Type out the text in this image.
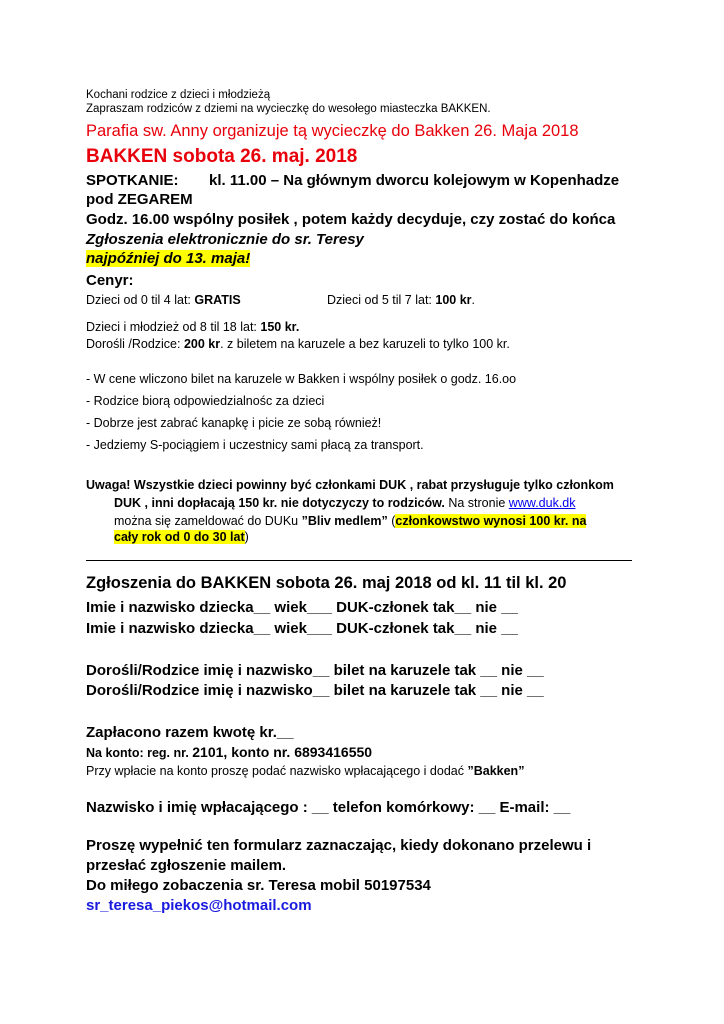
Kochani rodzice z dzieci i młodzieżą
Zapraszam rodziców z dziemi na wycieczkę do wesołego miasteczka BAKKEN.
Parafia sw. Anny organizuje tą wycieczkę do Bakken 26. Maja 2018
BAKKEN sobota 26. maj. 2018
SPOTKANIE: kl. 11.00 – Na głównym dworcu kolejowym w Kopenhadze
pod ZEGAREM
Godz. 16.00 wspólny posiłek , potem każdy decyduje, czy zostać do końca
Zgłoszenia elektronicznie do sr. Teresy
najpóźniej do 13. maja!
Cenyr:
Dzieci od 0 til 4 lat: GRATIS	Dzieci od 5 til 7 lat: 100 kr.
Dzieci i młodzież od 8 til 18 lat: 150 kr.
Dorośli /Rodzice: 200 kr. z biletem na karuzele a bez karuzeli to tylko 100 kr.
- W cene wliczono bilet na karuzele w Bakken i wspólny posiłek o godz. 16.oo
- Rodzice biorą odpowiedzialnośc za dzieci
- Dobrze jest zabrać kanapkę i picie ze sobą również!
- Jedziemy S-pociągiem i uczestnicy sami płacą za transport.
Uwaga! Wszystkie dzieci powinny być członkami DUK , rabat przysługuje tylko członkom
DUK , inni dopłacają 150 kr. nie dotyczyczy to rodziców. Na stronie www.duk.dk
można się zameldować do DUKu ”Bliv medlem” (członkowstwo wynosi 100 kr. na
cały rok od 0 do 30 lat)
Zgłoszenia do BAKKEN sobota 26. maj 2018 od kl. 11 til kl. 20
Imie i nazwisko dziecka__ wiek___ DUK-członek tak__ nie __
Imie i nazwisko dziecka__ wiek___ DUK-członek tak__ nie __
Dorośli/Rodzice imię i nazwisko__ bilet na karuzele tak __ nie __
Dorośli/Rodzice imię i nazwisko__ bilet na karuzele tak __ nie __
Zapłacono razem kwotę kr.__
Na konto: reg. nr. 2101, konto nr. 6893416550
Przy wpłacie na konto proszę podać nazwisko wpłacającego i dodać ”Bakken”
Nazwisko i imię wpłacającego : __ telefon komórkowy: __ E-mail: __
Proszę wypełnić ten formularz zaznaczając, kiedy dokonano przelewu i
przesłać zgłoszenie mailem.
Do miłego zobaczenia sr. Teresa mobil 50197534
sr_teresa_piekos@hotmail.com
